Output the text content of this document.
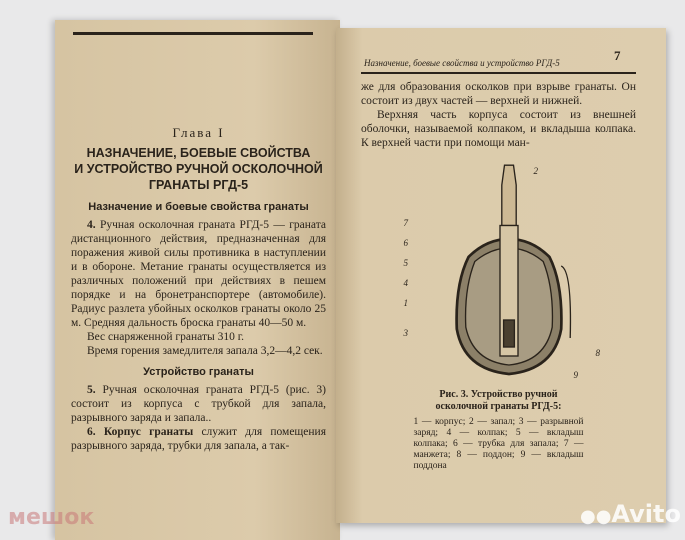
Глава I
НАЗНАЧЕНИЕ, БОЕВЫЕ СВОЙСТВА
И УСТРОЙСТВО РУЧНОЙ ОСКОЛОЧНОЙ
ГРАНАТЫ РГД-5
Назначение и боевые свойства гранаты

4. Ручная осколочная граната РГД-5 — граната дистанционного действия, предназначенная для поражения живой силы противника в наступлении и в обороне. Метание гранаты осуществляется из различных положений при действиях в пешем порядке и на бронетранспортере (автомобиле). Радиус разлета убойных осколков гранаты около 25 м. Средняя дальность броска гранаты 40—50 м.

Вес снаряженной гранаты 310 г.

Время горения замедлителя запала 3,2—4,2 сек.

Устройство гранаты

5. Ручная осколочная граната РГД-5 (рис. 3) состоит из корпуса с трубкой для запала, разрывного заряда и запала..

6. Корпус гранаты служит для помещения разрывного заряда, трубки для запала, а так-

Назначение, боевые свойства и устройство РГД-5	7

же для образования осколков при взрыве гранаты. Он состоит из двух частей — верхней и нижней.

Верхняя часть корпуса состоит из внешней оболочки, называемой колпаком, и вкладыша колпака. К верхней части при помощи ман-

2
7
6
5
4
1
3
8
9
Рис. 3. Устройство ручной осколочной гранаты РГД-5:
1 — корпус; 2 — запал; 3 — разрывной заряд; 4 — колпак; 5 — вкладыш колпака; 6 — трубка для запала; 7 — манжета; 8 — поддон; 9 — вкладыш поддона
мешок	●●Avito
